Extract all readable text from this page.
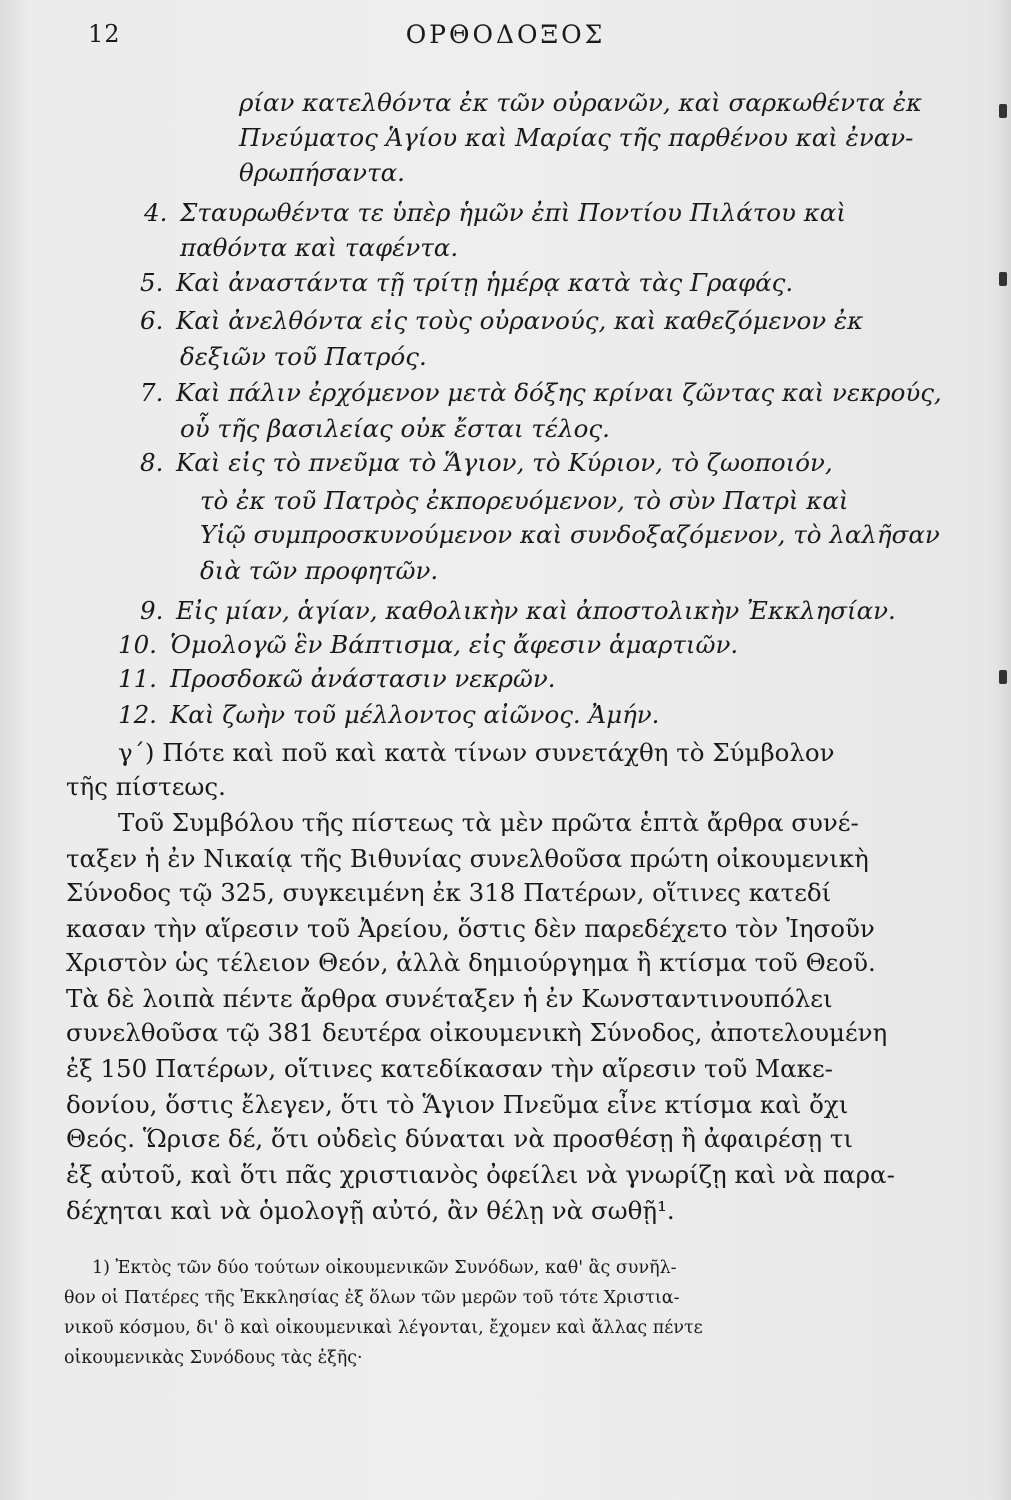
12	ΟΡΘΟΔΟΞΟΣ
ρίαν κατελθόντα ἐκ τῶν οὐρανῶν, καὶ σαρκωθέντα ἐκ
Πνεύματος Ἁγίου καὶ Μαρίας τῆς παρθένου καὶ ἐναν-
θρωπήσαντα.
4. Σταυρωθέντα τε ὑπὲρ ἡμῶν ἐπὶ Ποντίου Πιλάτου καὶ
παθόντα καὶ ταφέντα.
5. Καὶ ἀναστάντα τῇ τρίτῃ ἡμέρᾳ κατὰ τὰς Γραφάς.
6. Καὶ ἀνελθόντα εἰς τοὺς οὐρανούς, καὶ καθεζόμενον ἐκ
δεξιῶν τοῦ Πατρός.
7. Καὶ πάλιν ἐρχόμενον μετὰ δόξης κρίναι ζῶντας καὶ νεκρούς,
οὗ τῆς βασιλείας οὐκ ἔσται τέλος.
8. Καὶ εἰς τὸ πνεῦμα τὸ Ἅγιον, τὸ Κύριον, τὸ ζωοποιόν,
τὸ ἐκ τοῦ Πατρὸς ἐκπορευόμενον, τὸ σὺν Πατρὶ καὶ
Υἱῷ συμπροσκυνούμενον καὶ συνδοξαζόμενον, τὸ λαλῆσαν
διὰ τῶν προφητῶν.
9. Εἰς μίαν, ἁγίαν, καθολικὴν καὶ ἀποστολικὴν Ἐκκλησίαν.
10. Ὁμολογῶ ἓν Βάπτισμα, εἰς ἄφεσιν ἁμαρτιῶν.
11. Προσδοκῶ ἀνάστασιν νεκρῶν.
12. Καὶ ζωὴν τοῦ μέλλοντος αἰῶνος. Ἀμήν.
γ΄) Πότε καὶ ποῦ καὶ κατὰ τίνων συνετάχθη τὸ Σύμβολον
τῆς πίστεως.
Τοῦ Συμβόλου τῆς πίστεως τὰ μὲν πρῶτα ἑπτὰ ἄρθρα συνέ-
ταξεν ἡ ἐν Νικαίᾳ τῆς Βιθυνίας συνελθοῦσα πρώτη οἰκουμενικὴ
Σύνοδος τῷ 325, συγκειμένη ἐκ 318 Πατέρων, οἵτινες κατεδί
κασαν τὴν αἵρεσιν τοῦ Ἀρείου, ὅστις δὲν παρεδέχετο τὸν Ἰησοῦν
Χριστὸν ὡς τέλειον Θεόν, ἀλλὰ δημιούργημα ἢ κτίσμα τοῦ Θεοῦ.
Τὰ δὲ λοιπὰ πέντε ἄρθρα συνέταξεν ἡ ἐν Κωνσταντινουπόλει
συνελθοῦσα τῷ 381 δευτέρα οἰκουμενικὴ Σύνοδος, ἀποτελουμένη
ἐξ 150 Πατέρων, οἵτινες κατεδίκασαν τὴν αἵρεσιν τοῦ Μακε-
δονίου, ὅστις ἔλεγεν, ὅτι τὸ Ἅγιον Πνεῦμα εἶνε κτίσμα καὶ ὄχι
Θεός. Ὥρισε δέ, ὅτι οὐδεὶς δύναται νὰ προσθέσῃ ἢ ἀφαιρέσῃ τι
ἐξ αὐτοῦ, καὶ ὅτι πᾶς χριστιανὸς ὀφείλει νὰ γνωρίζῃ καὶ νὰ παρα-
δέχηται καὶ νὰ ὁμολογῇ αὐτό, ἂν θέλῃ νὰ σωθῇ¹.
1) Ἐκτὸς τῶν δύο τούτων οἰκουμενικῶν Συνόδων, καθ' ἃς συνῆλ-
θον οἱ Πατέρες τῆς Ἐκκλησίας ἐξ ὅλων τῶν μερῶν τοῦ τότε Χριστια-
νικοῦ κόσμου, δι' ὃ καὶ οἰκουμενικαὶ λέγονται, ἔχομεν καὶ ἄλλας πέντε
οἰκουμενικὰς Συνόδους τὰς ἑξῆς·
